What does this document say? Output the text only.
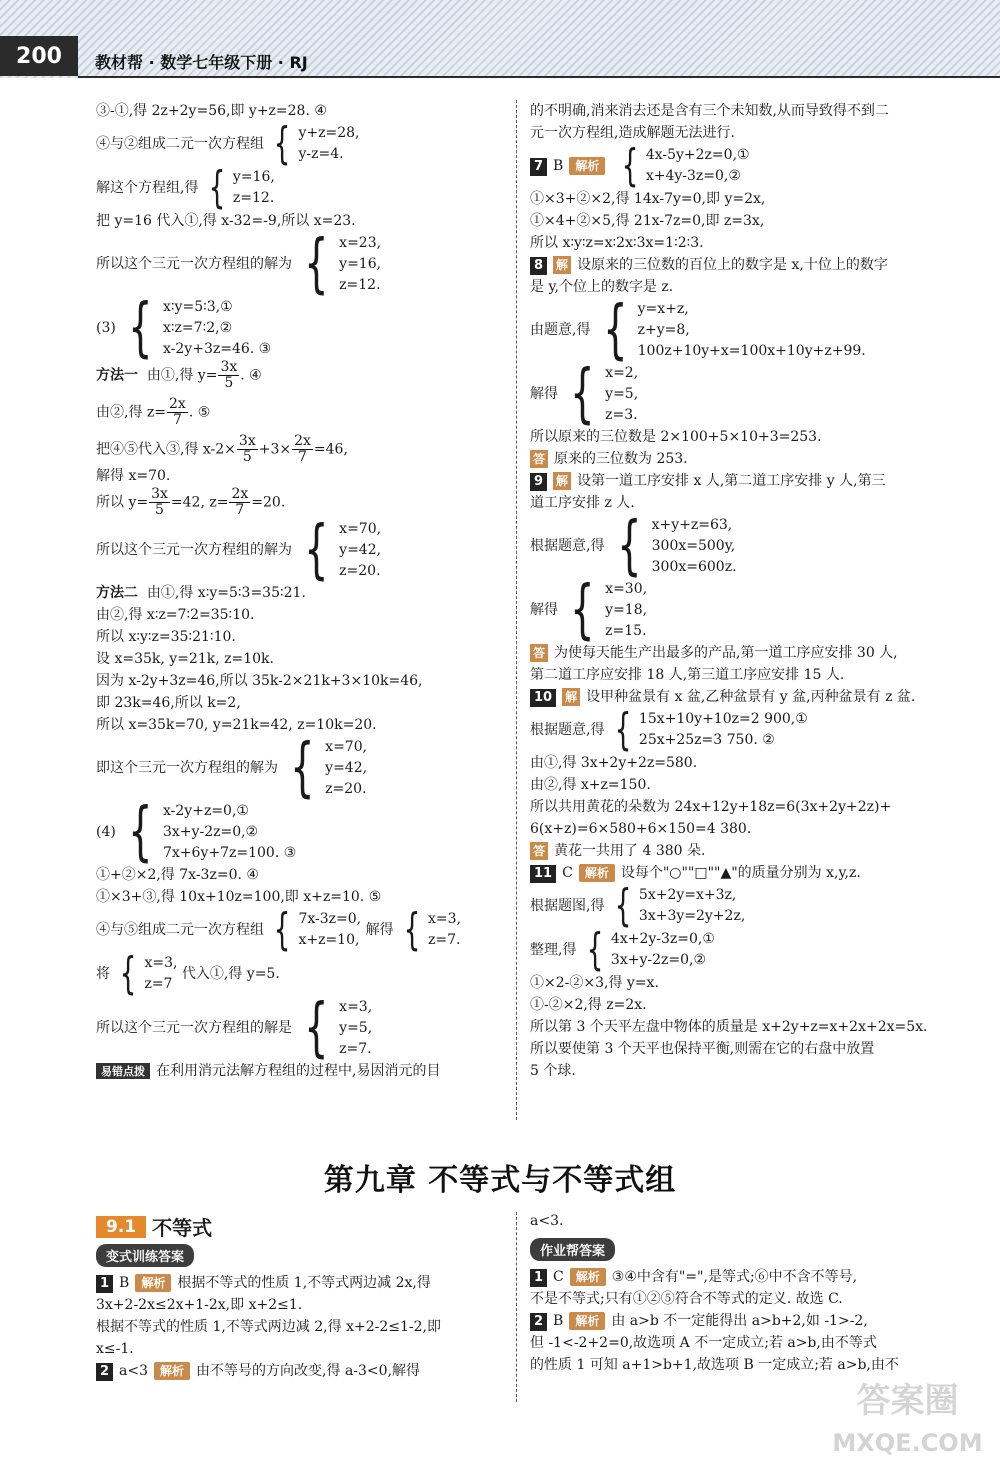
200	教材帮 · 数学七年级下册 · RJ
③-①,得 2z+2y=56,即 y+z=28. ④
④与②组成二元一次方程组 { y+z=28,
y-z=4.
解这个方程组,得 { y=16,
z=12.
把 y=16 代入①,得 x-32=-9,所以 x=23.
所以这个三元一次方程组的解为 { x=23,
y=16,
z=12.
(3) { x∶y=5∶3,①
x∶z=7∶2,②
x-2y+3z=46. ③
方法一 由①,得 $y= \frac{3x}{5}$ . ④
由②,得 $z= \frac{2x}{7}$ . ⑤
把④⑤代入③,得 $x-2\times \frac{3x}{5} +3\times \frac{2x}{7} =46$,
解得 x=70.
所以 $y= \frac{3x}{5} =42$, $z= \frac{2x}{7} =20$.
所以这个三元一次方程组的解为 { x=70,
y=42,
z=20.
方法二 由①,得 x∶y=5∶3=35∶21.
由②,得 x∶z=7∶2=35∶10.
所以 x∶y∶z=35∶21∶10.
设 x=35k, y=21k, z=10k.
因为 x-2y+3z=46,所以 35k-2×21k+3×10k=46,
即 23k=46,所以 k=2,
所以 x=35k=70, y=21k=42, z=10k=20.
即这个三元一次方程组的解为 { x=70,
y=42,
z=20.
(4) { x-2y+z=0,①
3x+y-2z=0,②
7x+6y+7z=100. ③
①+②×2,得 7x-3z=0. ④
①×3+③,得 10x+10z=100,即 x+z=10. ⑤
④与⑤组成二元一次方程组 { 7x-3z=0,
x+z=10,
解得 { x=3,
z=7.
将 { x=3,
z=7
代入①,得 y=5.
所以这个三元一次方程组的解是 { x=3,
y=5,
z=7.
易错点拨 在利用消元法解方程组的过程中,易因消元的目
的不明确,消来消去还是含有三个未知数,从而导致得不到二
元一次方程组,造成解题无法进行.
7 B 解析 { 4x-5y+2z=0,①
x+4y-3z=0,②
①×3+②×2,得 14x-7y=0,即 y=2x,
①×4+②×5,得 21x-7z=0,即 z=3x,
所以 x∶y∶z=x∶2x∶3x=1∶2∶3.
8 解 设原来的三位数的百位上的数字是 x,十位上的数字
是 y,个位上的数字是 z.
由题意,得 { y=x+z,
z+y=8,
100z+10y+x=100x+10y+z+99.
解得 { x=2,
y=5,
z=3.
所以原来的三位数是 2×100+5×10+3=253.
答 原来的三位数为 253.
9 解 设第一道工序安排 x 人,第二道工序安排 y 人,第三
道工序安排 z 人.
根据题意,得 { x+y+z=63,
300x=500y,
300x=600z.
解得 { x=30,
y=18,
z=15.
答 为使每天能生产出最多的产品,第一道工序应安排 30 人,
第二道工序应安排 18 人,第三道工序应安排 15 人.
10 解 设甲种盆景有 x 盆,乙种盆景有 y 盆,丙种盆景有 z 盆.
根据题意,得 { 15x+10y+10z=2 900,①
25x+25z=3 750. ②
由①,得 3x+2y+2z=580.
由②,得 x+z=150.
所以共用黄花的朵数为 24x+12y+18z=6(3x+2y+2z)+
6(x+z)=6×580+6×150=4 380.
答 黄花一共用了 4 380 朵.
11 C 解析 设每个"○""□""▲"的质量分别为 x,y,z.
根据题图,得 { 5x+2y=x+3z,
3x+3y=2y+2z,
整理,得 { 4x+2y-3z=0,①
3x+y-2z=0,②
①×2-②×3,得 y=x.
①-②×2,得 z=2x.
所以第 3 个天平左盘中物体的质量是 x+2y+z=x+2x+2x=5x.
所以要使第 3 个天平也保持平衡,则需在它的右盘中放置
5 个球.
第九章 不等式与不等式组
9.1 不等式
变式训练答案
1 B 解析 根据不等式的性质 1,不等式两边减 2x,得
3x+2-2x≤2x+1-2x,即 x+2≤1.
根据不等式的性质 1,不等式两边减 2,得 x+2-2≤1-2,即
x≤-1.
2 a<3 解析 由不等号的方向改变,得 a-3<0,解得
a<3.
作业帮答案
1 C 解析 ③④中含有"=",是等式;⑥中不含不等号,
不是不等式;只有①②⑤符合不等式的定义. 故选 C.
2 B 解析 由 a>b 不一定能得出 a>b+2,如 -1>-2,
但 -1<-2+2=0,故选项 A 不一定成立;若 a>b,由不等式
的性质 1 可知 a+1>b+1,故选项 B 一定成立;若 a>b,由不
答案圈
MXQE.COM
